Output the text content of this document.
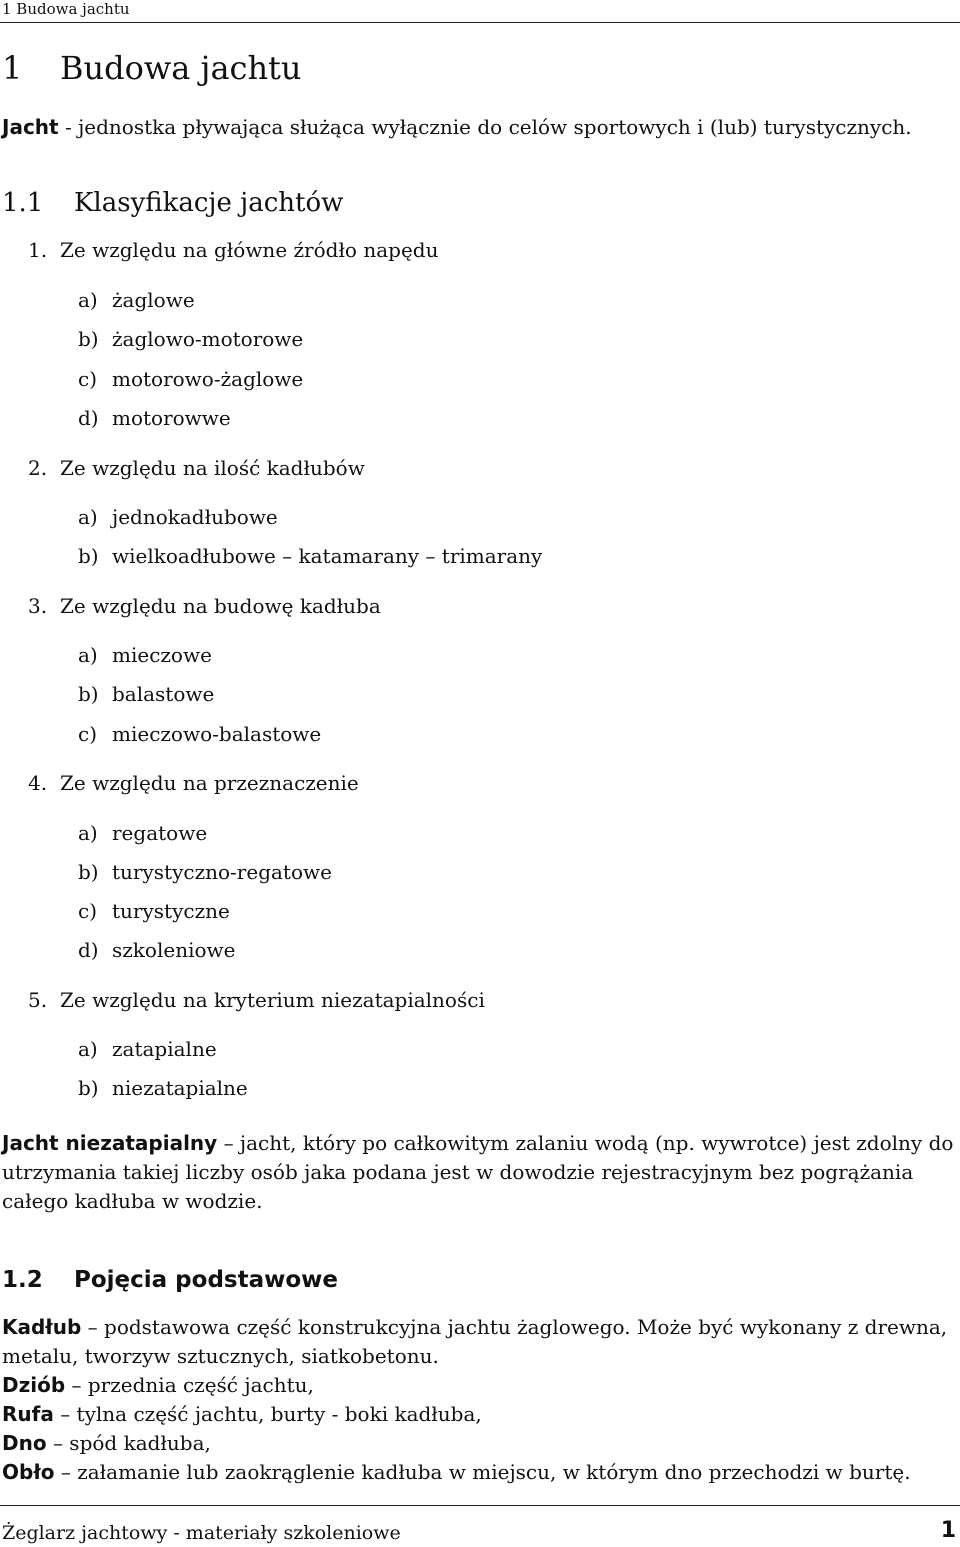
1 Budowa jachtu
1 Budowa jachtu

Jacht - jednostka pływająca służąca wyłącznie do celów sportowych i (lub) turystycznych.

1.1 Klasyfikacje jachtów
1. Ze względu na główne źródło napędu
a) żaglowe
b) żaglowo-motorowe
c) motorowo-żaglowe
d) motorowwe
2. Ze względu na ilość kadłubów
a) jednokadłubowe
b) wielkoadłubowe – katamarany – trimarany
3. Ze względu na budowę kadłuba
a) mieczowe
b) balastowe
c) mieczowo-balastowe
4. Ze względu na przeznaczenie
a) regatowe
b) turystyczno-regatowe
c) turystyczne
d) szkoleniowe
5. Ze względu na kryterium niezatapialności
a) zatapialne
b) niezatapialne
Jacht niezatapialny – jacht, który po całkowitym zalaniu wodą (np. wywrotce) jest zdolny do utrzymania takiej liczby osób jaka podana jest w dowodzie rejestracyjnym bez pogrążania całego kadłuba w wodzie.
1.2 Pojęcia podstawowe
Kadłub – podstawowa część konstrukcyjna jachtu żaglowego. Może być wykonany z drewna, metalu, tworzyw sztucznych, siatkobetonu.
Dziób – przednia część jachtu,
Rufa – tylna część jachtu, burty - boki kadłuba,
Dno – spód kadłuba,
Obło – załamanie lub zaokrąglenie kadłuba w miejscu, w którym dno przechodzi w burtę.
Żeglarz jachtowy - materiały szkoleniowe	1
